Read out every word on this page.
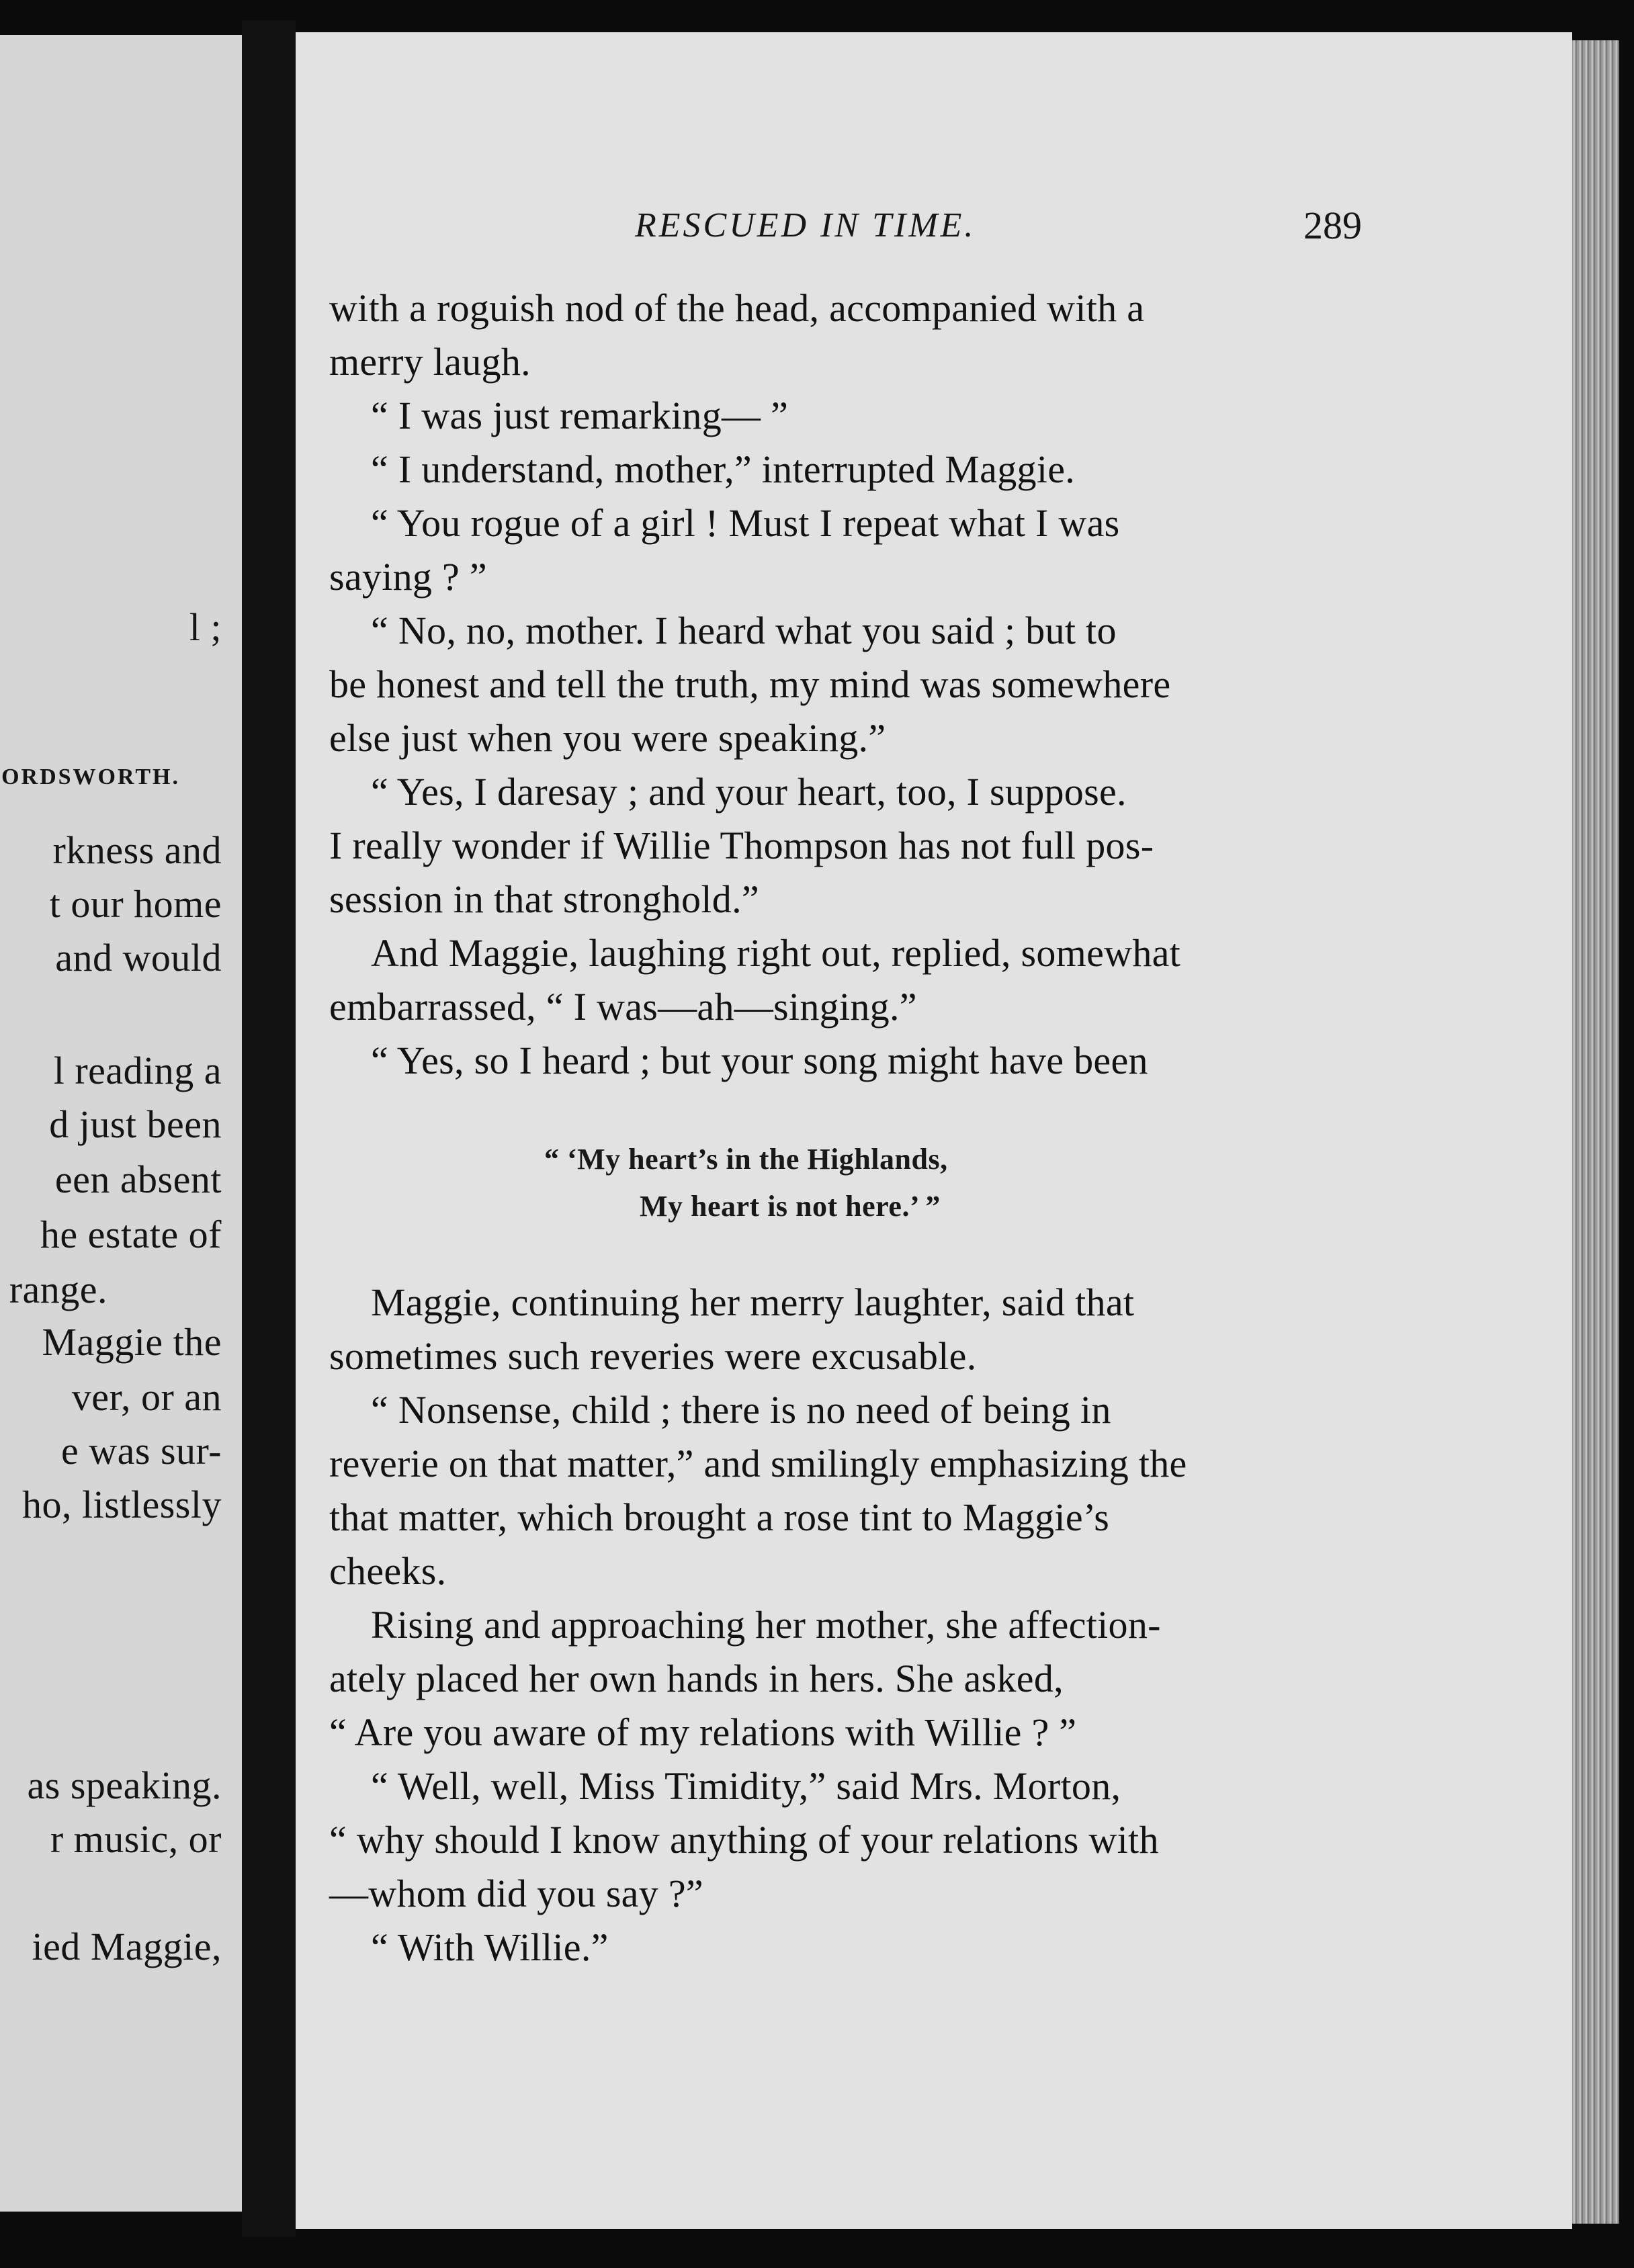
l ;
ORDSWORTH.
rkness and
t our home
and would
l reading a
d just been
een absent
he estate of
range.
Maggie the
ver, or an
e was sur-
ho, listlessly
as speaking.
r music, or
ied Maggie,
RESCUED IN TIME.	289
with a roguish nod of the head, accompanied with a
merry laugh.
“ I was just remarking— ”
“ I understand, mother,” interrupted Maggie.
“ You rogue of a girl ! Must I repeat what I was
saying ? ”
“ No, no, mother. I heard what you said ; but to
be honest and tell the truth, my mind was somewhere
else just when you were speaking.”
“ Yes, I daresay ; and your heart, too, I suppose.
I really wonder if Willie Thompson has not full pos-
session in that stronghold.”
And Maggie, laughing right out, replied, somewhat
embarrassed, “ I was—ah—singing.”
“ Yes, so I heard ; but your song might have been
“ ‘My heart’s in the Highlands,
My heart is not here.’ ”
Maggie, continuing her merry laughter, said that
sometimes such reveries were excusable.
“ Nonsense, child ; there is no need of being in
reverie on that matter,” and smilingly emphasizing the
that matter, which brought a rose tint to Maggie’s
cheeks.
Rising and approaching her mother, she affection-
ately placed her own hands in hers. She asked,
“ Are you aware of my relations with Willie ? ”
“ Well, well, Miss Timidity,” said Mrs. Morton,
“ why should I know anything of your relations with
—whom did you say ?”
“ With Willie.”
